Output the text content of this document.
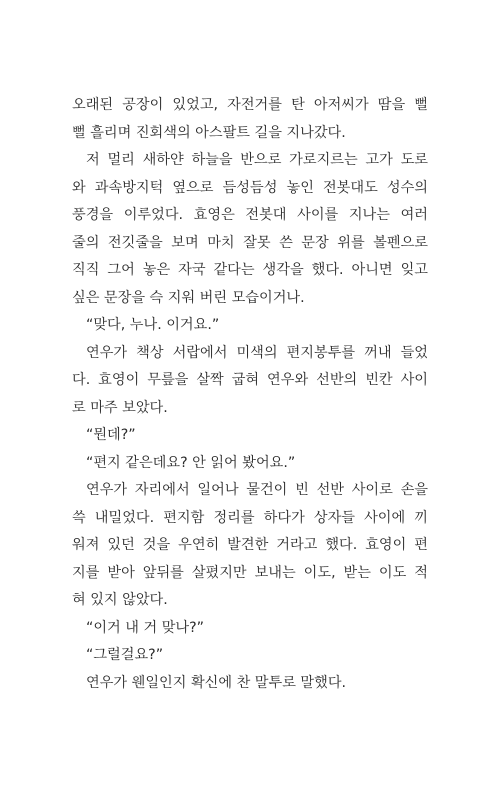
오래된 공장이 있었고, 자전거를 탄 아저씨가 땀을 뻘
뻘 흘리며 진회색의 아스팔트 길을 지나갔다.
저 멀리 새하얀 하늘을 반으로 가로지르는 고가 도로
와 과속방지턱 옆으로 듬성듬성 놓인 전봇대도 성수의
풍경을 이루었다. 효영은 전봇대 사이를 지나는 여러
줄의 전깃줄을 보며 마치 잘못 쓴 문장 위를 볼펜으로
직직 그어 놓은 자국 같다는 생각을 했다. 아니면 잊고
싶은 문장을 슥 지워 버린 모습이거나.
“맞다, 누나. 이거요.”
연우가 책상 서랍에서 미색의 편지봉투를 꺼내 들었
다. 효영이 무릎을 살짝 굽혀 연우와 선반의 빈칸 사이
로 마주 보았다.
“뭔데?”
“편지 같은데요? 안 읽어 봤어요.”
연우가 자리에서 일어나 물건이 빈 선반 사이로 손을
쓱 내밀었다. 편지함 정리를 하다가 상자들 사이에 끼
워져 있던 것을 우연히 발견한 거라고 했다. 효영이 편
지를 받아 앞뒤를 살폈지만 보내는 이도, 받는 이도 적
혀 있지 않았다.
“이거 내 거 맞나?”
“그럴걸요?”
연우가 웬일인지 확신에 찬 말투로 말했다.
